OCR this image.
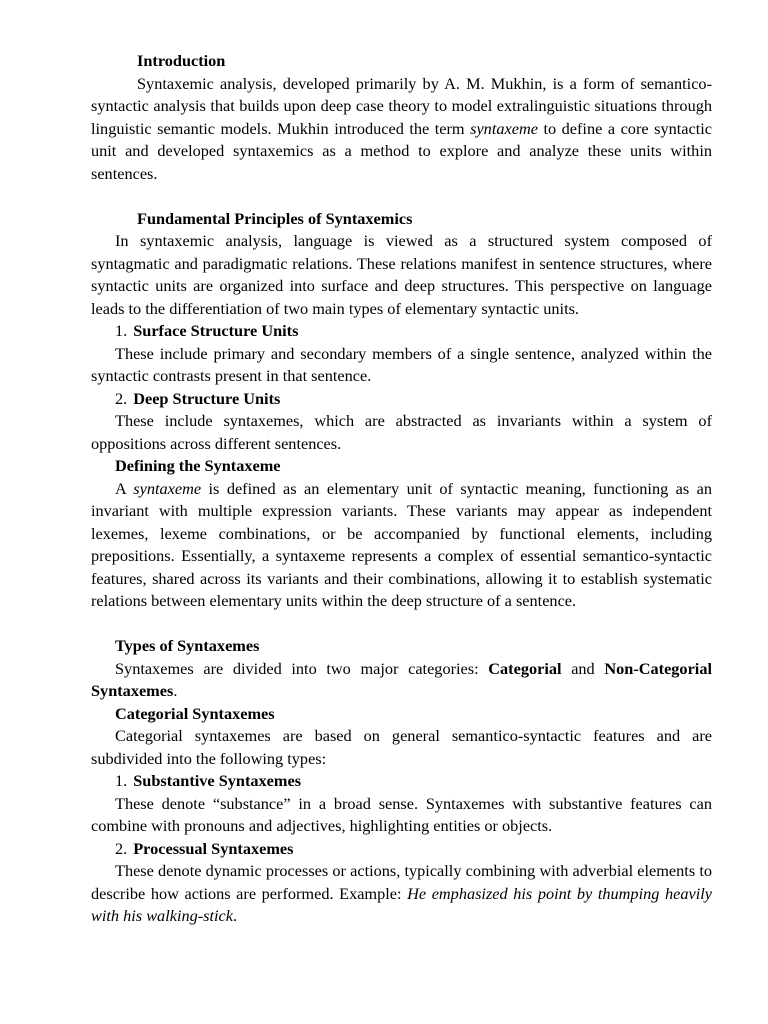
Introduction

Syntaxemic analysis, developed primarily by A. M. Mukhin, is a form of semantico-syntactic analysis that builds upon deep case theory to model extralinguistic situations through linguistic semantic models. Mukhin introduced the term syntaxeme to define a core syntactic unit and developed syntaxemics as a method to explore and analyze these units within sentences.

Fundamental Principles of Syntaxemics

In syntaxemic analysis, language is viewed as a structured system composed of syntagmatic and paradigmatic relations. These relations manifest in sentence structures, where syntactic units are organized into surface and deep structures. This perspective on language leads to the differentiation of two main types of elementary syntactic units.

1. Surface Structure Units

These include primary and secondary members of a single sentence, analyzed within the syntactic contrasts present in that sentence.

2. Deep Structure Units

These include syntaxemes, which are abstracted as invariants within a system of oppositions across different sentences.

Defining the Syntaxeme

A syntaxeme is defined as an elementary unit of syntactic meaning, functioning as an invariant with multiple expression variants. These variants may appear as independent lexemes, lexeme combinations, or be accompanied by functional elements, including prepositions. Essentially, a syntaxeme represents a complex of essential semantico-syntactic features, shared across its variants and their combinations, allowing it to establish systematic relations between elementary units within the deep structure of a sentence.

Types of Syntaxemes

Syntaxemes are divided into two major categories: Categorial and Non-Categorial Syntaxemes.

Categorial Syntaxemes

Categorial syntaxemes are based on general semantico-syntactic features and are subdivided into the following types:

1. Substantive Syntaxemes

These denote “substance” in a broad sense. Syntaxemes with substantive features can combine with pronouns and adjectives, highlighting entities or objects.

2. Processual Syntaxemes

These denote dynamic processes or actions, typically combining with adverbial elements to describe how actions are performed. Example: He emphasized his point by thumping heavily with his walking-stick.
